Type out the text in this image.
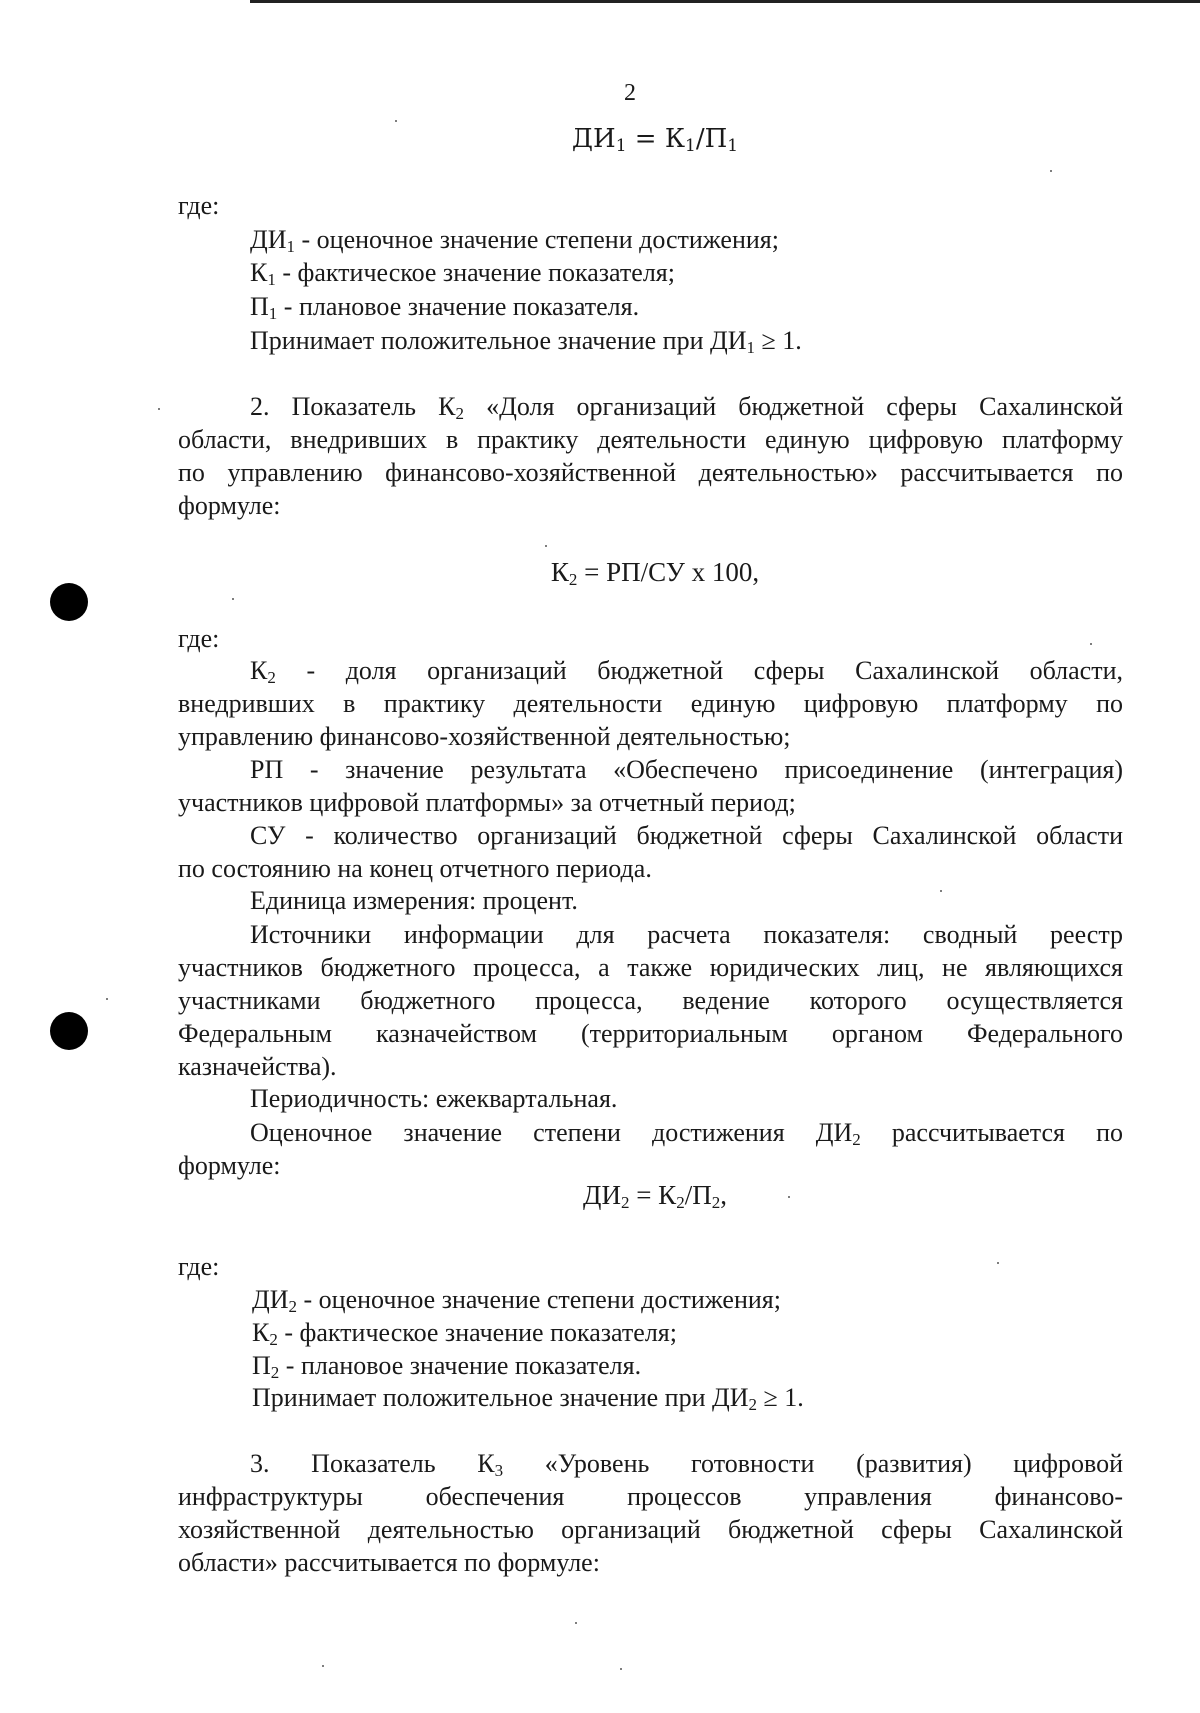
2
$ДИ_1 = К_1/П_1$
где:
$ДИ_1$ - оценочное значение степени достижения;
$К_1$ - фактическое значение показателя;
$П_1$ - плановое значение показателя.
Принимает положительное значение при $ДИ_1 \ge 1$.
2. Показатель $К_2$ «Доля организаций бюджетной сферы Сахалинской
области, внедривших в практику деятельности единую цифровую платформу
по управлению финансово-хозяйственной деятельностью» рассчитывается по
формуле:
$К_2 = РП/СУ$ х 100,
где:
$К_2$ - доля организаций бюджетной сферы Сахалинской области,
внедривших в практику деятельности единую цифровую платформу по
управлению финансово-хозяйственной деятельностью;
РП - значение результата «Обеспечено присоединение (интеграция)
участников цифровой платформы» за отчетный период;
СУ - количество организаций бюджетной сферы Сахалинской области
по состоянию на конец отчетного периода.
Единица измерения: процент.
Источники информации для расчета показателя: сводный реестр
участников бюджетного процесса, а также юридических лиц, не являющихся
участниками бюджетного процесса, ведение которого осуществляется
Федеральным казначейством (территориальным органом Федерального
казначейства).
Периодичность: ежеквартальная.
Оценочное значение степени достижения $ДИ_2$ рассчитывается по
формуле:
$ДИ_2 = К_2/П_2$,
где:
$ДИ_2$ - оценочное значение степени достижения;
$К_2$ - фактическое значение показателя;
$П_2$ - плановое значение показателя.
Принимает положительное значение при $ДИ_2 \ge 1$.
3. Показатель $К_3$ «Уровень готовности (развития) цифровой
инфраструктуры обеспечения процессов управления финансово-
хозяйственной деятельностью организаций бюджетной сферы Сахалинской
области» рассчитывается по формуле:
